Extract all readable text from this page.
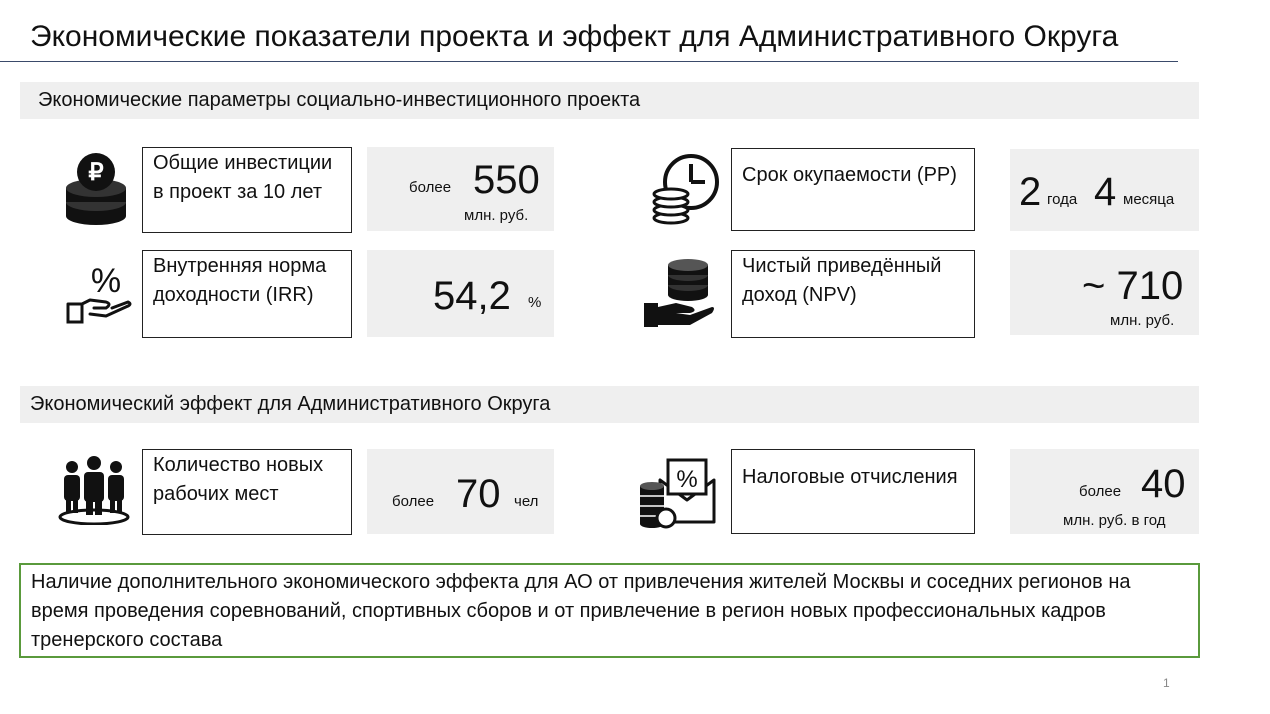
Экономические показатели проекта и эффект для Административного Округа
Экономические параметры социально-инвестиционного проекта
₽	Общие инвестиции в проект за 10 лет	более 550
млн. руб.
Срок окупаемости (PP)	2 года 4 месяца
%	Внутренняя норма доходности (IRR)	54,2 %
Чистый приведённый доход (NPV)	~ 710
млн. руб.
Экономический эффект для Административного Округа
Количество новых рабочих мест	более 70 чел
%	Налоговые отчисления
более 40
млн. руб. в год
Наличие дополнительного экономического эффекта для АО от привлечения жителей Москвы и соседних регионов на время проведения соревнований, спортивных сборов и от привлечение в регион новых профессиональных кадров тренерского состава
1
